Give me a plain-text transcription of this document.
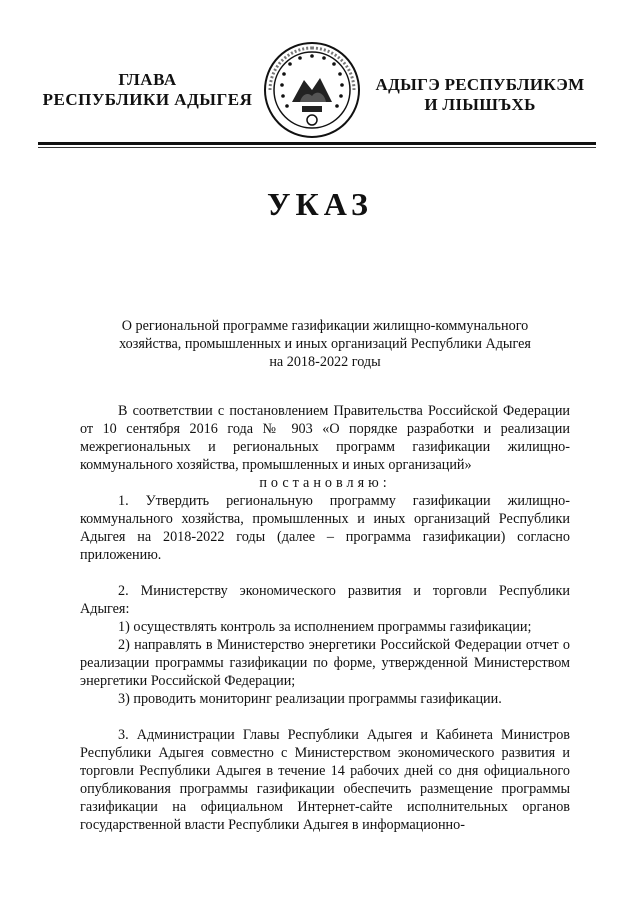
ГЛАВА
РЕСПУБЛИКИ АДЫГЕЯ
АДЫГЭ РЕСПУБЛИКЭМ
И ЛІЫШЪХЬ
УКАЗ
О региональной программе газификации жилищно-коммунального
хозяйства, промышленных и иных организаций Республики Адыгея
на 2018-2022 годы

В соответствии с постановлением Правительства Российской Федерации от 10 сентября 2016 года № 903 «О порядке разработки и реализации межрегиональных и региональных программ газификации жилищно-коммунального хозяйства, промышленных и иных организаций»

постановляю:

1. Утвердить региональную программу газификации жилищно-коммунального хозяйства, промышленных и иных организаций Республики Адыгея на 2018-2022 годы (далее – программа газификации) согласно приложению.

2. Министерству экономического развития и торговли Республики Адыгея:

1) осуществлять контроль за исполнением программы газификации;

2) направлять в Министерство энергетики Российской Федерации отчет о реализации программы газификации по форме, утвержденной Министерством энергетики Российской Федерации;

3) проводить мониторинг реализации программы газификации.

3. Администрации Главы Республики Адыгея и Кабинета Министров Республики Адыгея совместно с Министерством экономического развития и торговли Республики Адыгея в течение 14 рабочих дней со дня официального опубликования программы газификации обеспечить размещение программы газификации на официальном Интернет-сайте исполнительных органов государственной власти Республики Адыгея в информационно-
